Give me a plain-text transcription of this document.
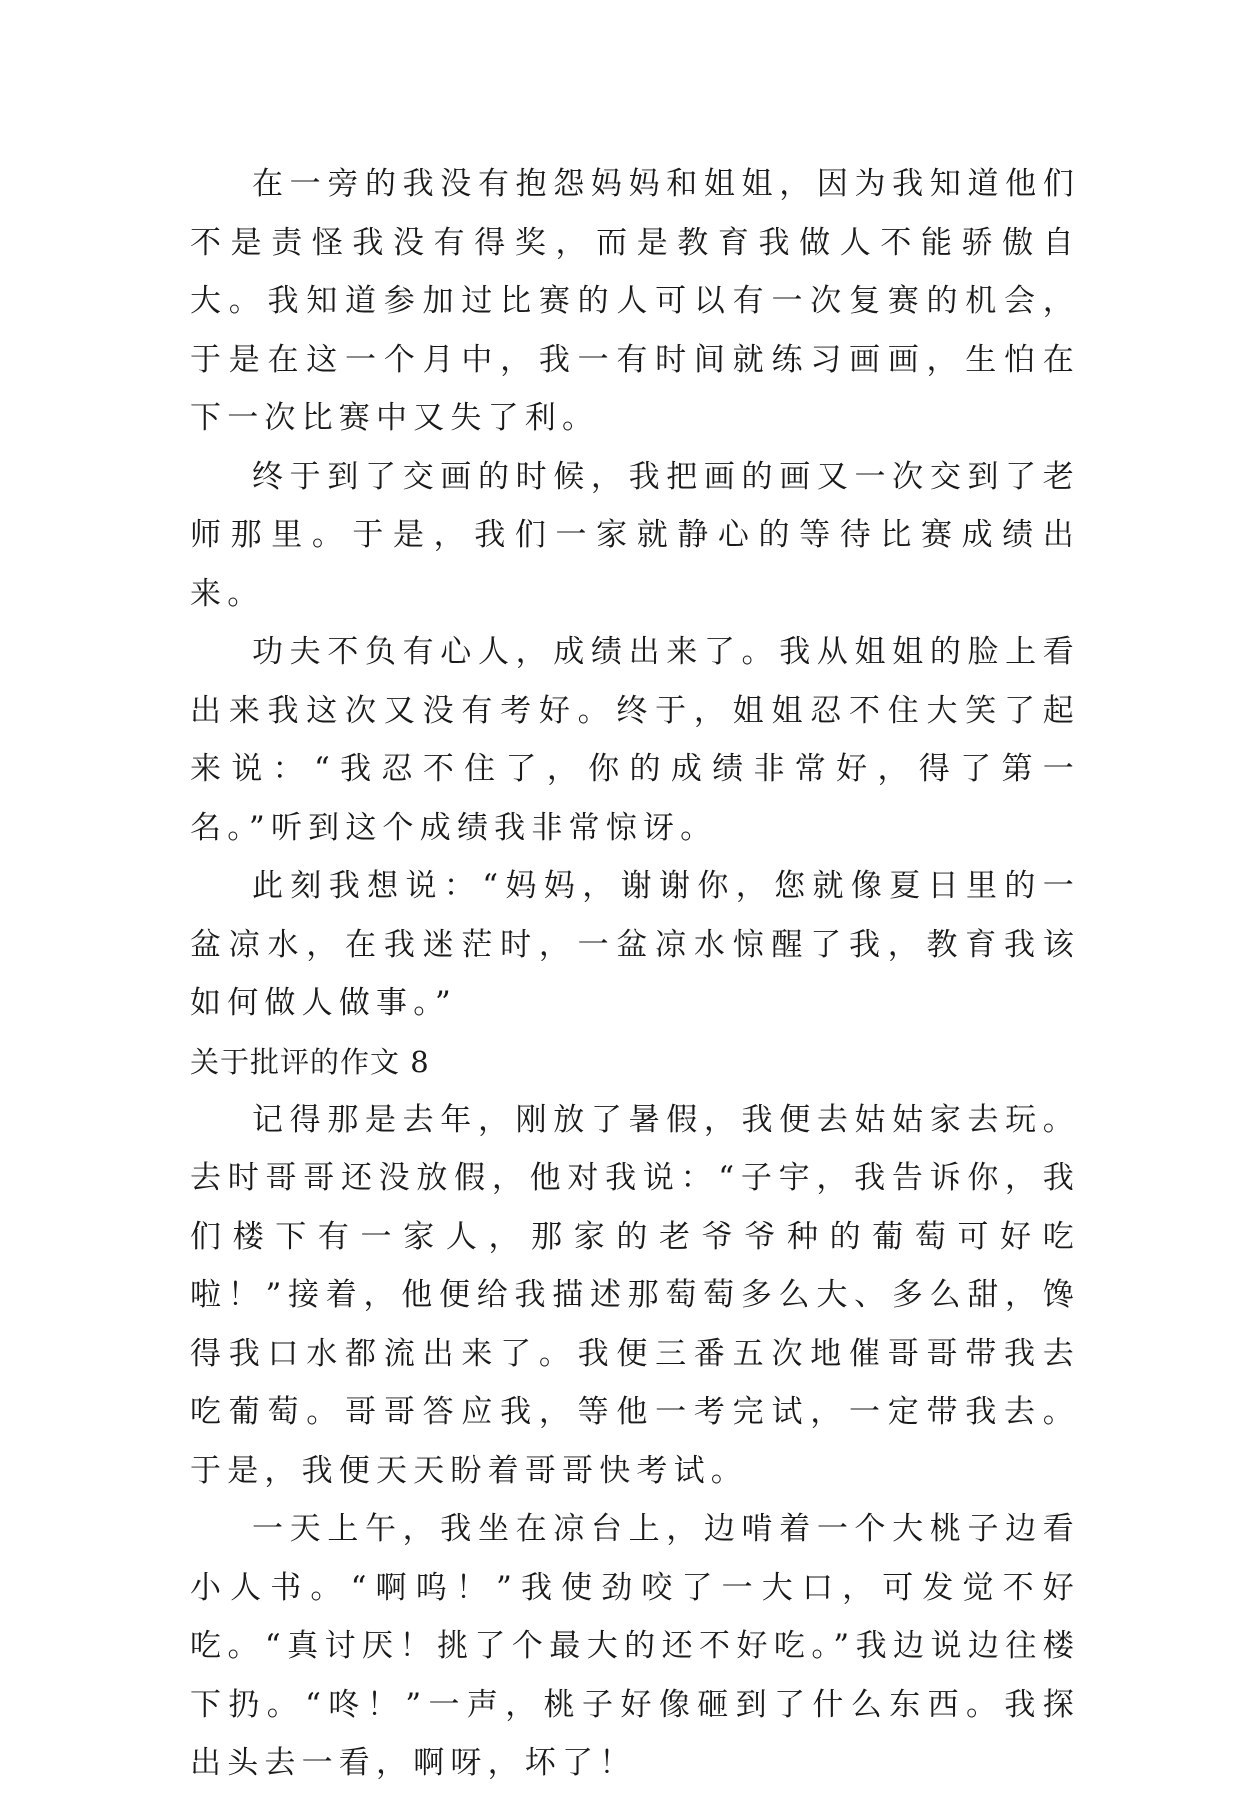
在一旁的我没有抱怨妈妈和姐姐，因为我知道他们不是责怪我没有得奖，而是教育我做人不能骄傲自大。我知道参加过比赛的人可以有一次复赛的机会，于是在这一个月中，我一有时间就练习画画，生怕在下一次比赛中又失了利。

终于到了交画的时候，我把画的画又一次交到了老师那里。于是，我们一家就静心的等待比赛成绩出来。

功夫不负有心人，成绩出来了。我从姐姐的脸上看出来我这次又没有考好。终于，姐姐忍不住大笑了起来说：“我忍不住了，你的成绩非常好，得了第一名。”听到这个成绩我非常惊讶。

此刻我想说：“妈妈，谢谢你，您就像夏日里的一盆凉水，在我迷茫时，一盆凉水惊醒了我，教育我该如何做人做事。”

关于批评的作文 8

记得那是去年，刚放了暑假，我便去姑姑家去玩。去时哥哥还没放假，他对我说：“子宇，我告诉你，我们楼下有一家人，那家的老爷爷种的葡萄可好吃啦！”接着，他便给我描述那萄萄多么大、多么甜，馋得我口水都流出来了。我便三番五次地催哥哥带我去吃葡萄。哥哥答应我，等他一考完试，一定带我去。于是，我便天天盼着哥哥快考试。

一天上午，我坐在凉台上，边啃着一个大桃子边看小人书。“啊呜！”我使劲咬了一大口，可发觉不好吃。“真讨厌！挑了个最大的还不好吃。”我边说边往楼下扔。“咚！”一声，桃子好像砸到了什么东西。我探出头去一看，啊呀，坏了！
